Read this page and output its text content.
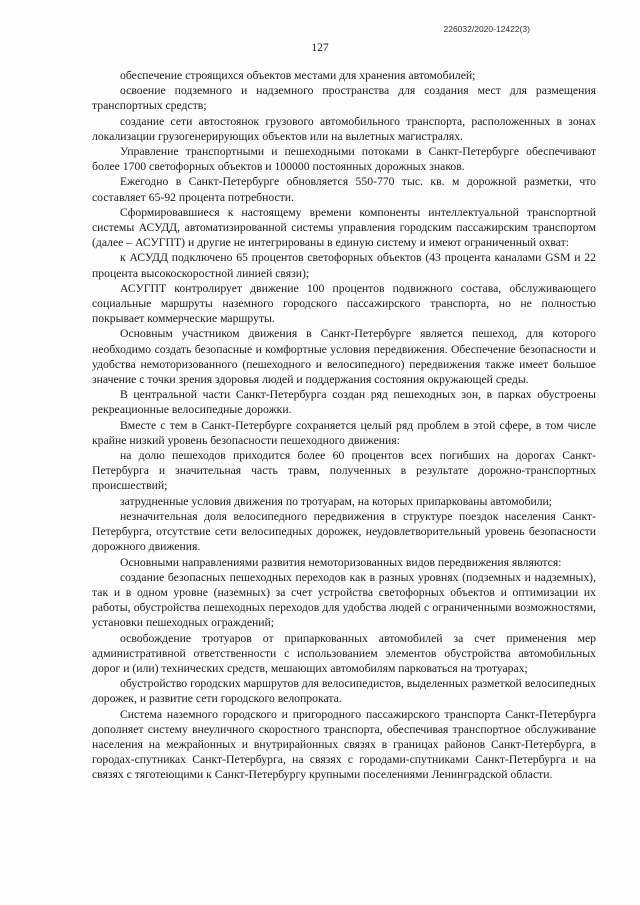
226032/2020-12422(3)
127

обеспечение строящихся объектов местами для хранения автомобилей;

освоение подземного и надземного пространства для создания мест для размещения транспортных средств;

создание сети автостоянок грузового автомобильного транспорта, расположенных в зонах локализации грузогенерирующих объектов или на вылетных магистралях.

Управление транспортными и пешеходными потоками в Санкт-Петербурге обеспечивают более 1700 светофорных объектов и 100000 постоянных дорожных знаков.

Ежегодно в Санкт-Петербурге обновляется 550-770 тыс. кв. м дорожной разметки, что составляет 65-92 процента потребности.

Сформировавшиеся к настоящему времени компоненты интеллектуальной транспортной системы АСУДД, автоматизированной системы управления городским пассажирским транспортом (далее – АСУГПТ) и другие не интегрированы в единую систему и имеют ограниченный охват:

к АСУДД подключено 65 процентов светофорных объектов (43 процента каналами GSM и 22 процента высокоскоростной линией связи);

АСУГПТ контролирует движение 100 процентов подвижного состава, обслуживающего социальные маршруты наземного городского пассажирского транспорта, но не полностью покрывает коммерческие маршруты.

Основным участником движения в Санкт-Петербурге является пешеход, для которого необходимо создать безопасные и комфортные условия передвижения. Обеспечение безопасности и удобства немоторизованного (пешеходного и велосипедного) передвижения также имеет большое значение с точки зрения здоровья людей и поддержания состояния окружающей среды.

В центральной части Санкт-Петербурга создан ряд пешеходных зон, в парках обустроены рекреационные велосипедные дорожки.

Вместе с тем в Санкт-Петербурге сохраняется целый ряд проблем в этой сфере, в том числе крайне низкий уровень безопасности пешеходного движения:

на долю пешеходов приходится более 60 процентов всех погибших на дорогах Санкт-Петербурга и значительная часть травм, полученных в результате дорожно-транспортных происшествий;

затрудненные условия движения по тротуарам, на которых припаркованы автомобили;

незначительная доля велосипедного передвижения в структуре поездок населения Санкт-Петербурга, отсутствие сети велосипедных дорожек, неудовлетворительный уровень безопасности дорожного движения.

Основными направлениями развития немоторизованных видов передвижения являются:

создание безопасных пешеходных переходов как в разных уровнях (подземных и надземных), так и в одном уровне (наземных) за счет устройства светофорных объектов и оптимизации их работы, обустройства пешеходных переходов для удобства людей с ограниченными возможностями, установки пешеходных ограждений;

освобождение тротуаров от припаркованных автомобилей за счет применения мер административной ответственности с использованием элементов обустройства автомобильных дорог и (или) технических средств, мешающих автомобилям парковаться на тротуарах;

обустройство городских маршрутов для велосипедистов, выделенных разметкой велосипедных дорожек, и развитие сети городского велопроката.

Система наземного городского и пригородного пассажирского транспорта Санкт-Петербурга дополняет систему внеуличного скоростного транспорта, обеспечивая транспортное обслуживание населения на межрайонных и внутрирайонных связях в границах районов Санкт-Петербурга, в городах-спутниках Санкт-Петербурга, на связях с городами-спутниками Санкт-Петербурга и на связях с тяготеющими к Санкт-Петербургу крупными поселениями Ленинградской области.
